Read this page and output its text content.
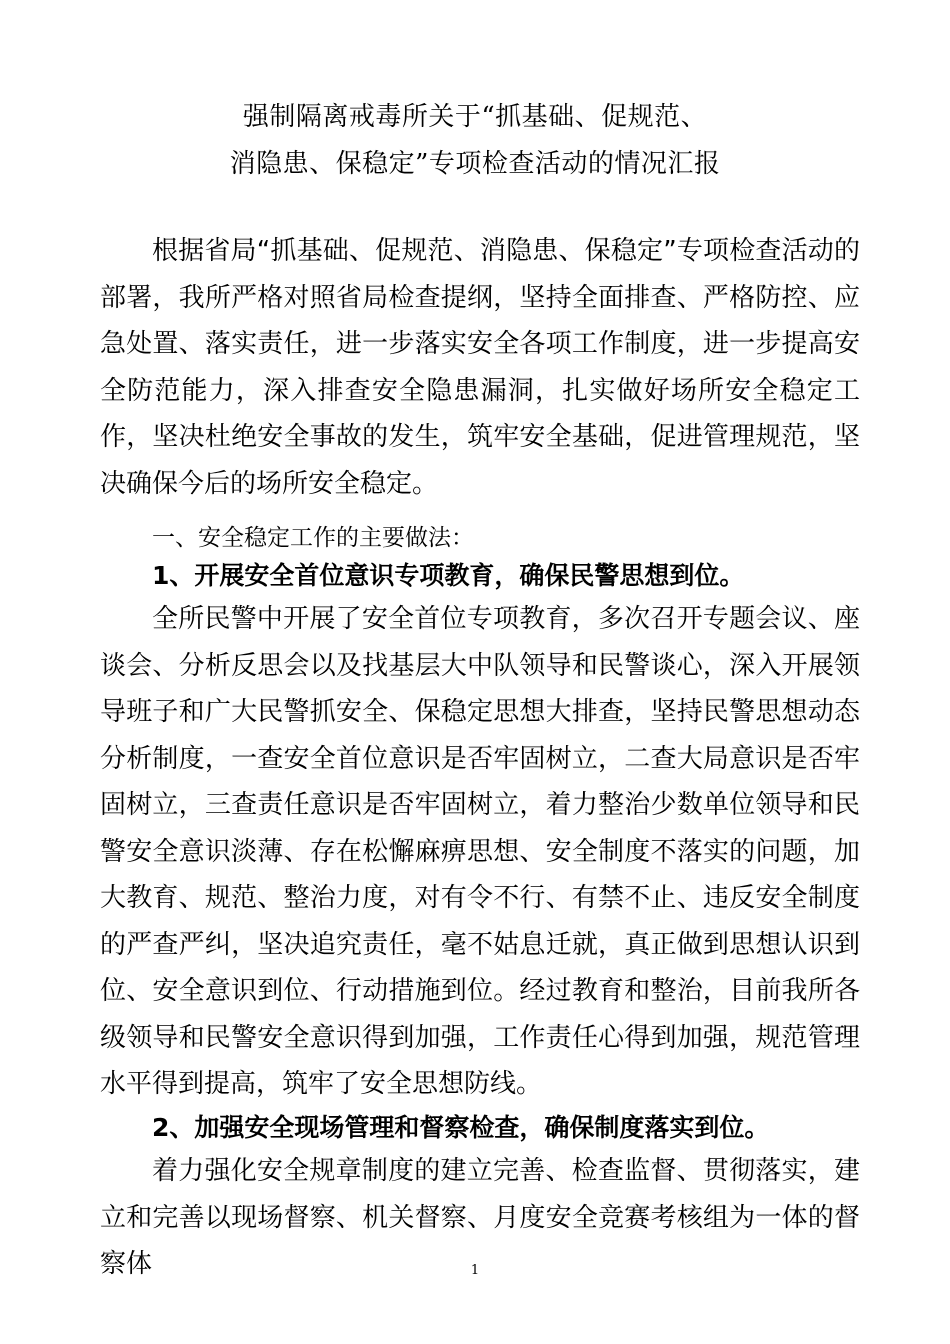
强制隔离戒毒所关于“抓基础、促规范、
消隐患、保稳定”专项检查活动的情况汇报

根据省局“抓基础、促规范、消隐患、保稳定”专项检查活动的部署，我所严格对照省局检查提纲，坚持全面排查、严格防控、应急处置、落实责任，进一步落实安全各项工作制度，进一步提高安全防范能力，深入排查安全隐患漏洞，扎实做好场所安全稳定工作，坚决杜绝安全事故的发生，筑牢安全基础，促进管理规范，坚决确保今后的场所安全稳定。

一、安全稳定工作的主要做法：

1、开展安全首位意识专项教育，确保民警思想到位。

全所民警中开展了安全首位专项教育，多次召开专题会议、座谈会、分析反思会以及找基层大中队领导和民警谈心，深入开展领导班子和广大民警抓安全、保稳定思想大排查，坚持民警思想动态分析制度，一查安全首位意识是否牢固树立，二查大局意识是否牢固树立，三查责任意识是否牢固树立，着力整治少数单位领导和民警安全意识淡薄、存在松懈麻痹思想、安全制度不落实的问题，加大教育、规范、整治力度，对有令不行、有禁不止、违反安全制度的严查严纠，坚决追究责任，毫不姑息迁就，真正做到思想认识到位、安全意识到位、行动措施到位。经过教育和整治，目前我所各级领导和民警安全意识得到加强，工作责任心得到加强，规范管理水平得到提高，筑牢了安全思想防线。

2、加强安全现场管理和督察检查，确保制度落实到位。

着力强化安全规章制度的建立完善、检查监督、贯彻落实，建立和完善以现场督察、机关督察、月度安全竞赛考核组为一体的督察体	1
